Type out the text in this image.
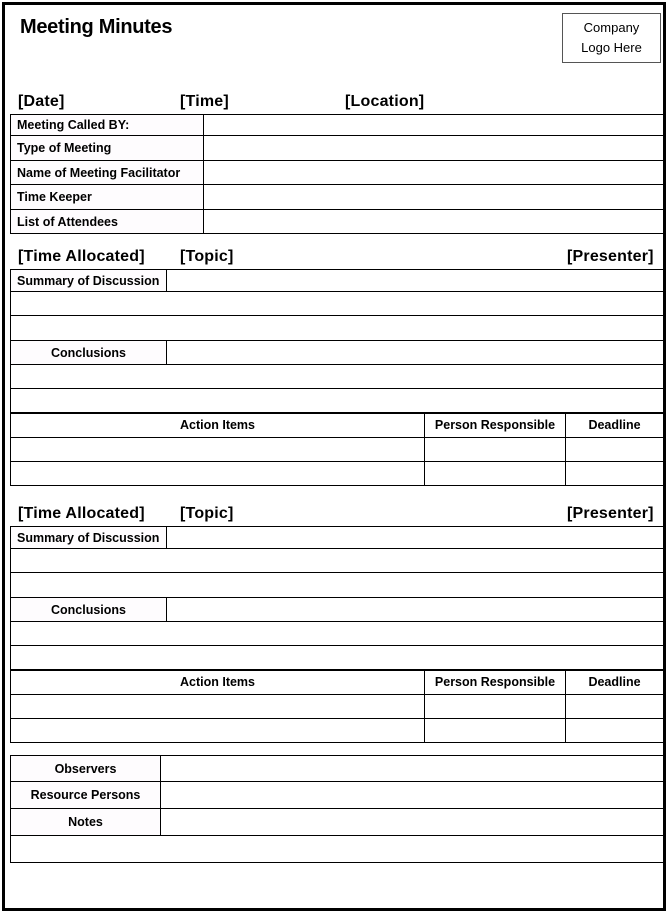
Meeting Minutes	Company
Logo Here
[Date]	[Time]	[Location]
Meeting Called BY:	
Type of Meeting	
Name of Meeting Facilitator	
Time Keeper	
List of Attendees	
[Time Allocated] [Topic]	[Presenter]
Summary of Discussion	

Conclusions	

Action Items	Person Responsible	Deadline

[Time Allocated] [Topic]	[Presenter]
Summary of Discussion	

Conclusions	

Action Items	Person Responsible	Deadline

Observers	
Resource Persons	
Notes	
